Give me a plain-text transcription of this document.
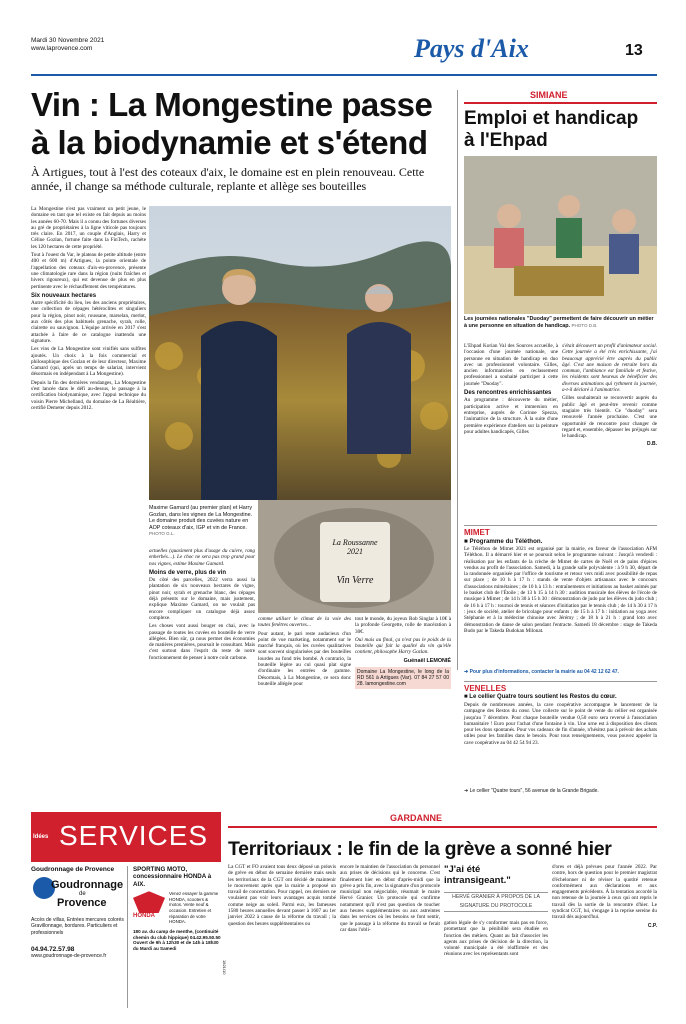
Mardi 30 Novembre 2021
www.laprovence.com	Pays d'Aix	13
Vin : La Mongestine passe
à la biodynamie et s'étend
À Artigues, tout à l'est des coteaux d'aix, le domaine est en plein renouveau. Cette année, il change sa méthode culturale, replante et allège ses bouteilles

La Mongestine n'est pas vraiment un petit jeune, le domaine en tant que tel existe en fait depuis au moins les années 60-70. Mais il a connu des fortunes diverses au gré de propriétaires à la ligne viticole pas toujours très claire. En 2017, un couple d'Anglais, Harry et Céline Gozlan, fortune faite dans la FinTech, rachète les 120 hectares de cette propriété.

Tout à l'ouest du Var, le plateau de petite altitude (entre 400 et 600 m) d'Artigues, la pointe orientale de l'appellation des coteaux d'aix-en-provence, présente une climatologie rare dans la région (nuits fraîches et hivers rigoureux), qui est devenue de plus en plus pertinente avec le réchauffement des températures.

Six nouveaux hectares

Autre spécificité du lieu, les des anciens propriétaires, une collection de cépages hétéroclites et singuliers pour la région, pinot noir, roussane, marselan, merlot, aux côtés des plus habituels grenache, syrah, rolle, clairette ou sauvignon. L'équipe arrivée en 2017 s'est attachée à faire de ce catalogue inattendu une signature.

Les vins de La Mongestine sont vinifiés sans sulfites ajoutés. Un choix à la fois commercial et philosophique des Gozlan et de leur directeur, Maxime Gamard (qui, après un temps de salariat, intervient désormais en indépendant à La Mongestine).

Depuis la fin des dernières vendanges, La Mongestine s'est lancée dans le défi au-dessus, le passage à la certification biodynamique, avec l'appui technique du voisin Pierre Michelland, du domaine de La Réaltière, certifié Demeter depuis 2012.

Maxime Gamard (au premier plan) et Harry Gozlan, dans les vignes de La Mongestine. Le domaine produit des cuvées nature en AOP coteaux d'aix, IGP et vin de France. PHOTO G.L.
La Roussanne 2021
Vin Verre

actuelles (quasiment plus d'usage du cuivre, rang enherbés…). Le choc ne sera pas trop grand pour nos vignes, estime Maxime Gamard.

Moins de verre, plus de vin

Du côté des parcelles, 2022 verra aussi la plantation de six nouveaux hectares de vigne, pinot noir, syrah et grenache blanc, des cépages déjà présents sur le domaine, mais justement, explique Maxime Gamard, on ne voulait pas encore compliquer un catalogue déjà assez complexe.

Les choses vont aussi bouger en chai, avec le passage de toutes les cuvées en bouteille de verre allégées. Bien sûr, ça nous permet des économies de matières premières, poursuit le consultant. Mais c'est surtout dans l'esprit du reste de notre fonctionnement de penser à notre coût carbone.

comme utiliser le climat de la voie des toutes fenêtres ouvertes…

Pour autant, le pari reste audacieux d'un point de vue marketing, notamment sur le marché français, où les cuvées qualitatives sont souvent singularisées par des bouteilles lourdes au fond très bombé. A contrario, la bouteille légère au cul quasi plat signe d'ordinaire les entrées de gamme. Désormais, à La Mongestine, ce sera donc bouteille allégée pour

tout le monde, du joyeux Rob Singlar à 10€ à la profonde Georgette, rolle de macération à 30€.

Oui mais au final, ça n'est pas le poids de la bouteille qui fait la qualité du vin qu'elle contient, philosophe Harry Gozlan.

Guénaël LEMONIÉ
Domaine La Mongestine, le long de la RD 561 à Artigues (Var). 07 84 27 57 00 28. lamongestine.com
SIMIANE
Emploi et handicap
à l'Ehpad
Les journées nationales "Duoday" permettent de faire découvrir un métier à une personne en situation de handicap. PHOTO D.B.

L'Ehpad Korian Val des Sources accueille, à l'occasion d'une journée nationale, une personne en situation de handicap en duo avec un professionnel volontaire. Gilles, ancien informaticien en reclassement professionnel a souhaité participer à cette journée "Duoday".

Des rencontres enrichissantes

Au programme : découverte du métier, participation active et immersion en entreprise, auprès de Corinne Spezza, l'animatrice de la structure. À la suite d'une première expérience d'ateliers sur la peinture pour adultes handicapés, Gilles

s'était découvert un profil d'animateur social. Cette journée a été très enrichissante, j'ai beaucoup apprécié être auprès du public âgé. C'est une maison de retraite hors du commun, l'ambiance est familiale et festive, les résidents sont heureux de bénéficier des diverses animations qui rythment la journée, a-t-il déclaré à l'animatrice.

Gilles souhaiterait se reconvertir auprès du public âgé et peut-être revenir comme stagiaire très bientôt. Ce "duoday" sera renouvelé l'année prochaine. C'est une opportunité de rencontre pour changer de regard et, ensemble, dépasser les préjugés sur le handicap.

D.B.
MIMET
■ Programme du Téléthon.
Le Téléthon de Mimet 2021 est organisé par la mairie, en faveur de l'association AFM Téléthon. Il a démarré hier et se poursuit selon le programme suivant : Jusqu'à vendredi : réalisation par les enfants de la crèche de Mimet de cartes de Noël et de pains d'épices vendus au profit de l'association. Samedi, à la grande salle polyvalente : à 9 h 30, départ de la randonnée organisée par l'office de tourisme et retour vers midi avec possibilité de repas sur place ; de 10 h à 17 h : stands de vente d'objets artisanaux avec le concours d'associations mimétaines ; de 10 h à 13 h : entraînements et initiations au basket animés par le basket club de l'Étoile ; de 13 h 15 à 14 h 30 : audition musicale des élèves de l'école de musique à Mimet ; de 14 h 30 à 15 h 30 : démonstration de judo par les élèves du judo club ; de 16 h à 17 h : tournoi de tennis et séances d'initiation par le tennis club ; de 14 h 30 à 17 h : jeux de société, atelier de bricolage pour enfants ; de 15 h à 17 h : initiation au yoga avec Stéphanie et à la médecine chinoise avec Jérémy ; de 18 h à 21 h : grand loto avec démonstration de danse de salon pendant l'entracte. Samedi 18 décembre : stage de Takeda Budo par le Takeda Budokan Milonat.
➜ Pour plus d'informations, contacter la mairie au 04 42 12 62 47.
VENELLES
■ Le cellier Quatre tours soutient les Restos du cœur.
Depuis de nombreuses années, la cave coopérative accompagne le lancement de la campagne des Restos du cœur. Une collecte sur le point de vente du cellier est organisée jusqu'au 7 décembre. Pour chaque bouteille vendue 0,50 euro sera reversé à l'association humanitaire ! Euro pour l'achat d'une fontaine à vin. Une urne est à disposition des clients pour les dons spontanés. Pour vos cadeaux de fin d'année, n'hésitez pas à prévoir des achats utiles pour les familles dans le besoin. Pour tous renseignements, vous pouvez appeler la cave coopérative au 04 42 54 94 23.
➜ Le cellier "Quatre tours", 56 avenue de la Grande Brigade.
Idées SERVICES
Goudronnage de Provence
Goudronnage
de
Provence
Accès de villas, Entrées mercures colorés Gravillonnage, bordures. Particuliers et professionnels
04.94.72.57.98
www.goudronnage-de-provence.fr
SPORTING MOTO, concessionnaire HONDA à AIX.
HONDA
Venez essayer la gamme HONDA, scooters & motos. Vente neuf & occasion. Entretien et réparation de votre HONDA.
180 av. du camp de menthe, (continuité chemin du club hippique) 04.42.95.50.50
Ouvert de 9h à 12h30 et de 14h à 18h30 du Mardi au Samedi
1821/10
GARDANNE
Territoriaux : le fin de la grève a sonné hier
La CGT et FO avaient tous deux déposé un préavis de grève en début de semaine dernière mais seuls les territoriaux de la CGT ont décidé de maintenir le mouvement après que la mairie a proposé un travail de concertation. Pour rappel, ces derniers ne voulaient pas voir leurs avantages acquis tombé comme neige au soleil. Parmi eux, les fameuses 1580 heures annuelles devant passer à 1607 au 1er janvier 2022 à cause de la réforme du travail ; la question des heures supplémentaires ou
encore le maintien de l'association du personnel aux prises de décisions qui le concerne. C'est finalement hier en début d'après-midi que la grève a pris fin, avec la signature d'un protocole municipal non négociable, résumait le maire Hervé Granier. Un protocole qui confirme notamment qu'il n'est pas question de toucher aux heures supplémentaires ou aux astreintes dans les services où les besoins se font sentir, que le passage à la réforme du travail se ferait car dans l'obli-
"J'ai été intransigeant."
HERVÉ GRANIER À PROPOS DE LA SIGNATURE DU PROTOCOLE
gation légale de s'y conformer mais pas en force, promettant que la pénibilité sera étudiée en fonction des métiers. Quant au fait d'associer les agents aux prises de décision de la direction, la volonté municipale a été réaffirmée et des réunions avec les représentants sont

d'ores et déjà prévues pour l'année 2022. Par contre, hors de question pour le premier magistrat d'échelonner ni de réviser la quotité retenue conformément aux déclarations et aux engagements précédents. À la tentation accordé la non retenue de la journée à ceux qui ont repris le travail dès la sortie de la rencontre d'hier. Le syndicat CGT, lui, s'engage à la reprise sereine du travail dès aujourd'hui.

C.P.
